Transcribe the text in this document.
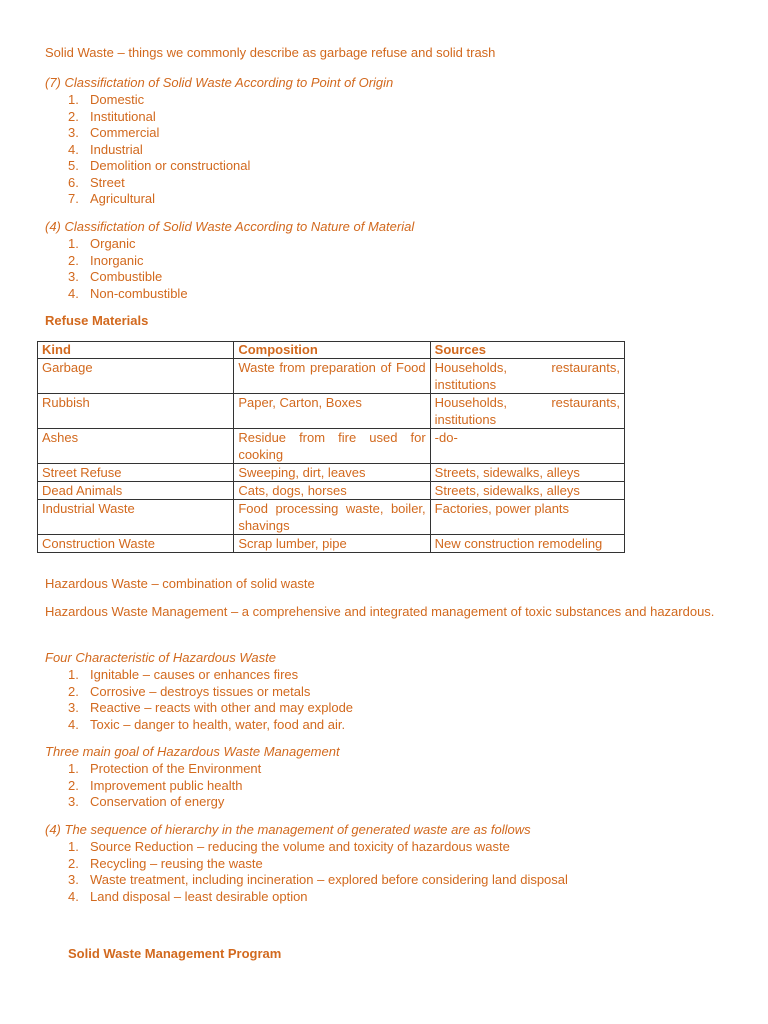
Solid Waste – things we commonly describe as garbage refuse and solid trash
(7) Classifictation of Solid Waste According to Point of Origin
1. Domestic
2. Institutional
3. Commercial
4. Industrial
5. Demolition or constructional
6. Street
7. Agricultural
(4) Classifictation of Solid Waste According to Nature of Material
1. Organic
2. Inorganic
3. Combustible
4. Non-combustible
Refuse Materials
Kind	Composition	Sources
Garbage	Waste from preparation of Food	Households, restaurants, institutions
Rubbish	Paper, Carton, Boxes	Households, restaurants, institutions
Ashes	Residue from fire used for cooking	-do-
Street Refuse	Sweeping, dirt, leaves	Streets, sidewalks, alleys
Dead Animals	Cats, dogs, horses	Streets, sidewalks, alleys
Industrial Waste	Food processing waste, boiler, shavings	Factories, power plants
Construction Waste	Scrap lumber, pipe	New construction remodeling
Hazardous Waste – combination of solid waste
Hazardous Waste Management – a comprehensive and integrated management of toxic substances and hazardous.
Four Characteristic of Hazardous Waste
1. Ignitable – causes or enhances fires
2. Corrosive – destroys tissues or metals
3. Reactive – reacts with other and may explode
4. Toxic – danger to health, water, food and air.
Three main goal of Hazardous Waste Management
1. Protection of the Environment
2. Improvement public health
3. Conservation of energy
(4) The sequence of hierarchy in the management of generated waste are as follows
1. Source Reduction – reducing the volume and toxicity of hazardous waste
2. Recycling – reusing the waste
3. Waste treatment, including incineration – explored before considering land disposal
4. Land disposal – least desirable option
Solid Waste Management Program
